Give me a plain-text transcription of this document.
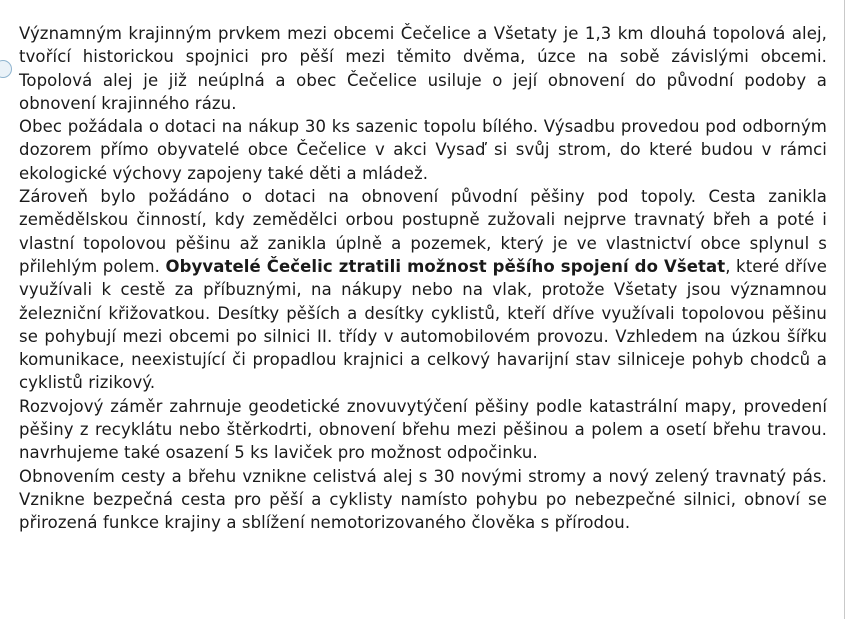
Významným krajinným prvkem mezi obcemi Čečelice a Všetaty je 1,3 km dlouhá topolová alej, tvořící historickou spojnici pro pěší mezi těmito dvěma, úzce na sobě závislými obcemi. Topolová alej je již neúplná a obec Čečelice usiluje o její obnovení do původní podoby a obnovení krajinného rázu.

Obec požádala o dotaci na nákup 30 ks sazenic topolu bílého. Výsadbu provedou pod odborným dozorem přímo obyvatelé obce Čečelice v akci Vysaď si svůj strom, do které budou v rámci ekologické výchovy zapojeny také děti a mládež.

Zároveň bylo požádáno o dotaci na obnovení původní pěšiny pod topoly. Cesta zanikla zemědělskou činností, kdy zemědělci orbou postupně zužovali nejprve travnatý břeh a poté i vlastní topolovou pěšinu až zanikla úplně a pozemek, který je ve vlastnictví obce splynul s přilehlým polem. Obyvatelé Čečelic ztratili možnost pěšího spojení do Všetat, které dříve využívali k cestě za příbuznými, na nákupy nebo na vlak, protože Všetaty jsou významnou železniční křižovatkou. Desítky pěších a desítky cyklistů, kteří dříve využívali topolovou pěšinu se pohybují mezi obcemi po silnici II. třídy v automobilovém provozu. Vzhledem na úzkou šířku komunikace, neexistující či propadlou krajnici a celkový havarijní stav silniceje pohyb chodců a cyklistů rizikový.

Rozvojový záměr zahrnuje geodetické znovuvytýčení pěšiny podle katastrální mapy, provedení pěšiny z recyklátu nebo štěrkodrti, obnovení břehu mezi pěšinou a polem a osetí břehu travou. navrhujeme také osazení 5 ks laviček pro možnost odpočinku.

Obnovením cesty a břehu vznikne celistvá alej s 30 novými stromy a nový zelený travnatý pás. Vznikne bezpečná cesta pro pěší a cyklisty namísto pohybu po nebezpečné silnici, obnoví se přirozená funkce krajiny a sblížení nemotorizovaného člověka s přírodou.
